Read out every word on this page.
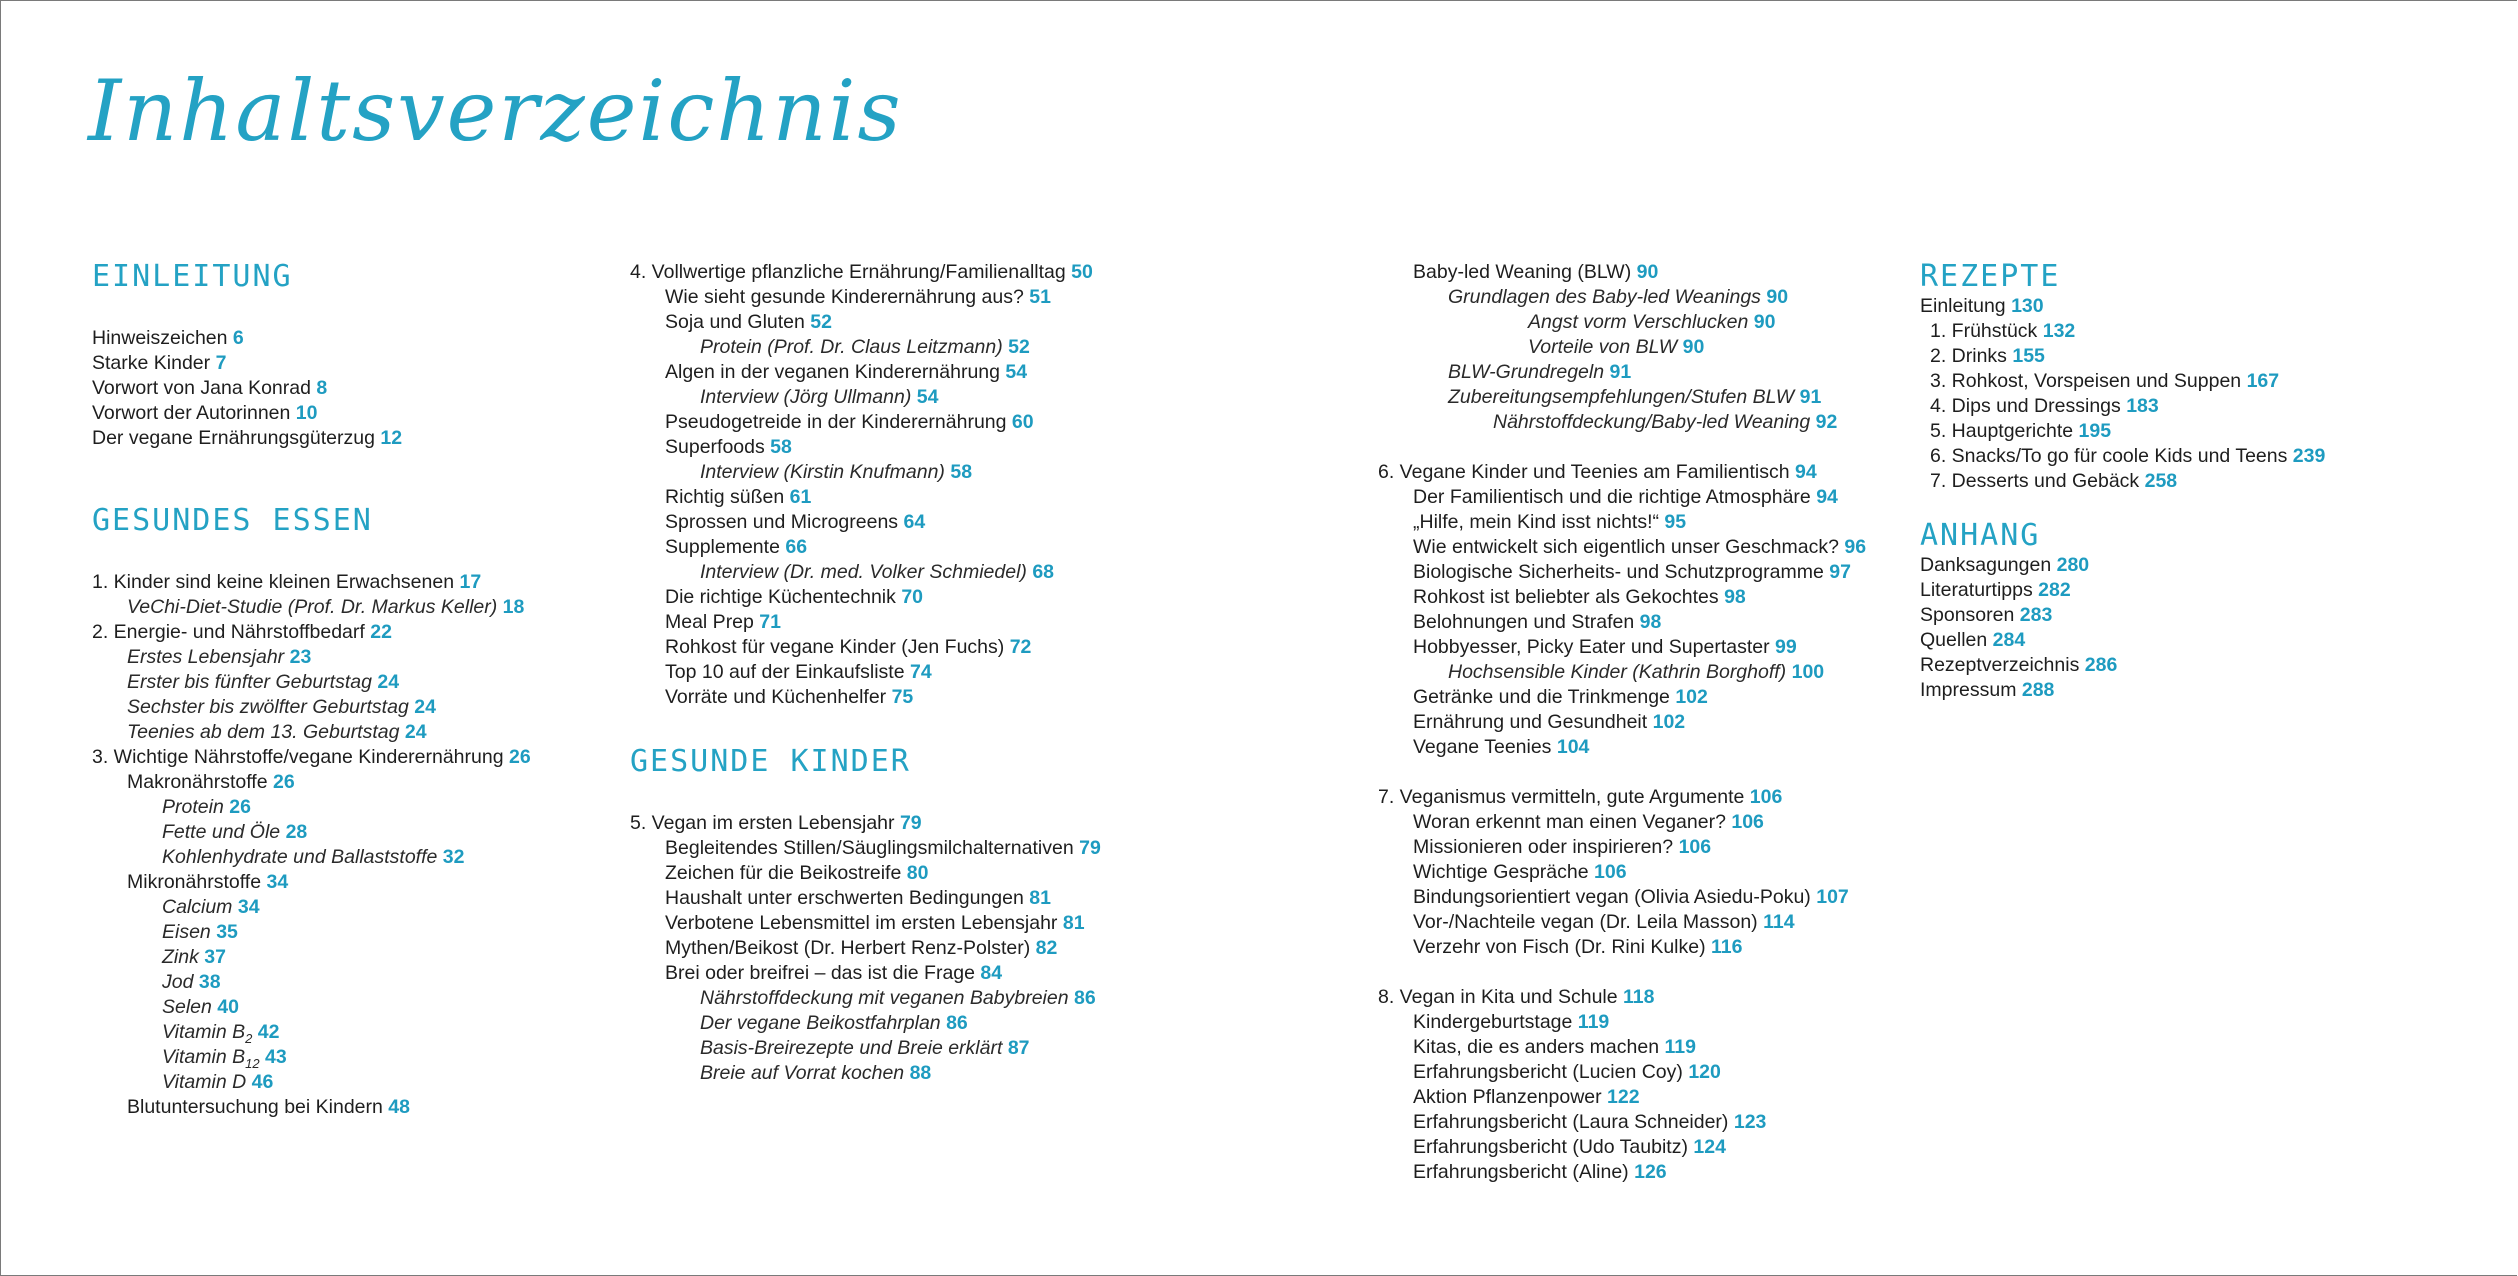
Inhaltsverzeichnis
EINLEITUNG
Hinweiszeichen 6
Starke Kinder 7
Vorwort von Jana Konrad 8
Vorwort der Autorinnen 10
Der vegane Ernährungsgüterzug 12
GESUNDES ESSEN
1. Kinder sind keine kleinen Erwachsenen 17
VeChi-Diet-Studie (Prof. Dr. Markus Keller) 18
2. Energie- und Nährstoffbedarf 22
Erstes Lebensjahr 23
Erster bis fünfter Geburtstag 24
Sechster bis zwölfter Geburtstag 24
Teenies ab dem 13. Geburtstag 24
3. Wichtige Nährstoffe/vegane Kinderernährung 26
Makronährstoffe 26
Protein 26
Fette und Öle 28
Kohlenhydrate und Ballaststoffe 32
Mikronährstoffe 34
Calcium 34
Eisen 35
Zink 37
Jod 38
Selen 40
Vitamin $B_2$ 42
Vitamin $B_{12}$ 43
Vitamin D 46
Blutuntersuchung bei Kindern 48
4. Vollwertige pflanzliche Ernährung/Familienalltag 50
Wie sieht gesunde Kinderernährung aus? 51
Soja und Gluten 52
Protein (Prof. Dr. Claus Leitzmann) 52
Algen in der veganen Kinderernährung 54
Interview (Jörg Ullmann) 54
Pseudogetreide in der Kinderernährung 60
Superfoods 58
Interview (Kirstin Knufmann) 58
Richtig süßen 61
Sprossen und Microgreens 64
Supplemente 66
Interview (Dr. med. Volker Schmiedel) 68
Die richtige Küchentechnik 70
Meal Prep 71
Rohkost für vegane Kinder (Jen Fuchs) 72
Top 10 auf der Einkaufsliste 74
Vorräte und Küchenhelfer 75
GESUNDE KINDER
5. Vegan im ersten Lebensjahr 79
Begleitendes Stillen/Säuglingsmilchalternativen 79
Zeichen für die Beikostreife 80
Haushalt unter erschwerten Bedingungen 81
Verbotene Lebensmittel im ersten Lebensjahr 81
Mythen/Beikost (Dr. Herbert Renz-Polster) 82
Brei oder breifrei – das ist die Frage 84
Nährstoffdeckung mit veganen Babybreien 86
Der vegane Beikostfahrplan 86
Basis-Breirezepte und Breie erklärt 87
Breie auf Vorrat kochen 88
Baby-led Weaning (BLW) 90
Grundlagen des Baby-led Weanings 90
Angst vorm Verschlucken 90
Vorteile von BLW 90
BLW-Grundregeln 91
Zubereitungsempfehlungen/Stufen BLW 91
Nährstoffdeckung/Baby-led Weaning 92
6. Vegane Kinder und Teenies am Familientisch 94
Der Familientisch und die richtige Atmosphäre 94
„Hilfe, mein Kind isst nichts!“ 95
Wie entwickelt sich eigentlich unser Geschmack? 96
Biologische Sicherheits- und Schutzprogramme 97
Rohkost ist beliebter als Gekochtes 98
Belohnungen und Strafen 98
Hobbyesser, Picky Eater und Supertaster 99
Hochsensible Kinder (Kathrin Borghoff) 100
Getränke und die Trinkmenge 102
Ernährung und Gesundheit 102
Vegane Teenies 104
7. Veganismus vermitteln, gute Argumente 106
Woran erkennt man einen Veganer? 106
Missionieren oder inspirieren? 106
Wichtige Gespräche 106
Bindungsorientiert vegan (Olivia Asiedu-Poku) 107
Vor-/Nachteile vegan (Dr. Leila Masson) 114
Verzehr von Fisch (Dr. Rini Kulke) 116
8. Vegan in Kita und Schule 118
Kindergeburtstage 119
Kitas, die es anders machen 119
Erfahrungsbericht (Lucien Coy) 120
Aktion Pflanzenpower 122
Erfahrungsbericht (Laura Schneider) 123
Erfahrungsbericht (Udo Taubitz) 124
Erfahrungsbericht (Aline) 126
REZEPTE
Einleitung 130
1. Frühstück 132
2. Drinks 155
3. Rohkost, Vorspeisen und Suppen 167
4. Dips und Dressings 183
5. Hauptgerichte 195
6. Snacks/To go für coole Kids und Teens 239
7. Desserts und Gebäck 258
ANHANG
Danksagungen 280
Literaturtipps 282
Sponsoren 283
Quellen 284
Rezeptverzeichnis 286
Impressum 288
